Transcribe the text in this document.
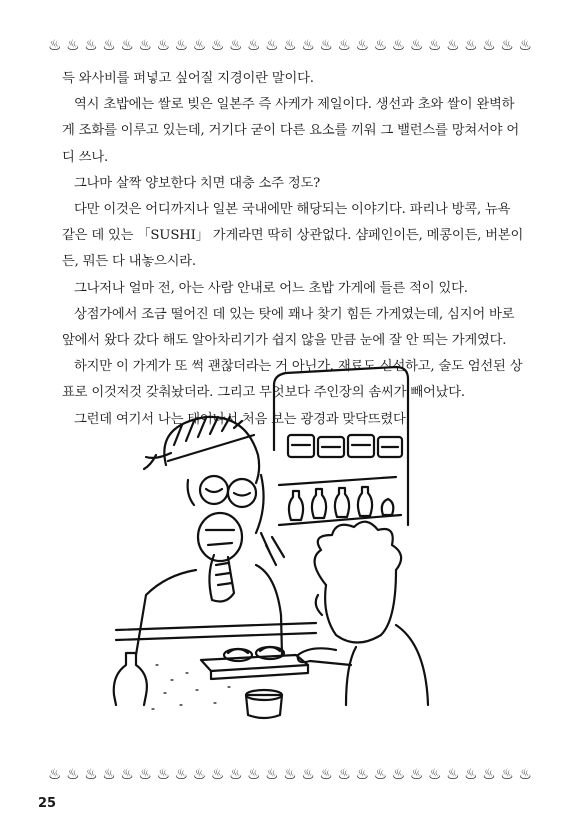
♨ ♨ ♨ ♨ ♨ ♨ ♨ ♨ ♨ ♨ ♨ ♨ ♨ ♨ ♨ ♨ ♨ ♨ ♨ ♨ ♨ ♨ ♨ ♨ ♨ ♨ ♨

득 와사비를 퍼넣고 싶어질 지경이란 말이다.

역시 초밥에는 쌀로 빚은 일본주 즉 사케가 제일이다. 생선과 초와 쌀이 완벽하게 조화를 이루고 있는데, 거기다 굳이 다른 요소를 끼워 그 밸런스를 망쳐서야 어디 쓰나.

그나마 살짝 양보한다 치면 대충 소주 정도?

다만 이것은 어디까지나 일본 국내에만 해당되는 이야기다. 파리나 방콕, 뉴욕 같은 데 있는 「SUSHI」 가게라면 딱히 상관없다. 샴페인이든, 메콩이든, 버본이든, 뭐든 다 내놓으시라.

그나저나 얼마 전, 아는 사람 안내로 어느 초밥 가게에 들른 적이 있다.

상점가에서 조금 떨어진 데 있는 탓에 꽤나 찾기 힘든 가게였는데, 심지어 바로 앞에서 왔다 갔다 해도 알아차리기가 쉽지 않을 만큼 눈에 잘 안 띄는 가게였다.

하지만 이 가게가 또 썩 괜찮더라는 거 아닌가. 재료도 신선하고, 술도 엄선된 상표로 이것저것 갖춰놨더라. 그리고 무엇보다 주인장의 솜씨가 빼어났다.

그런데 여기서 나는 태어나서 처음 보는 광경과 맞닥뜨렸다.

♨ ♨ ♨ ♨ ♨ ♨ ♨ ♨ ♨ ♨ ♨ ♨ ♨ ♨ ♨ ♨ ♨ ♨ ♨ ♨ ♨ ♨ ♨ ♨ ♨ ♨ ♨
25
